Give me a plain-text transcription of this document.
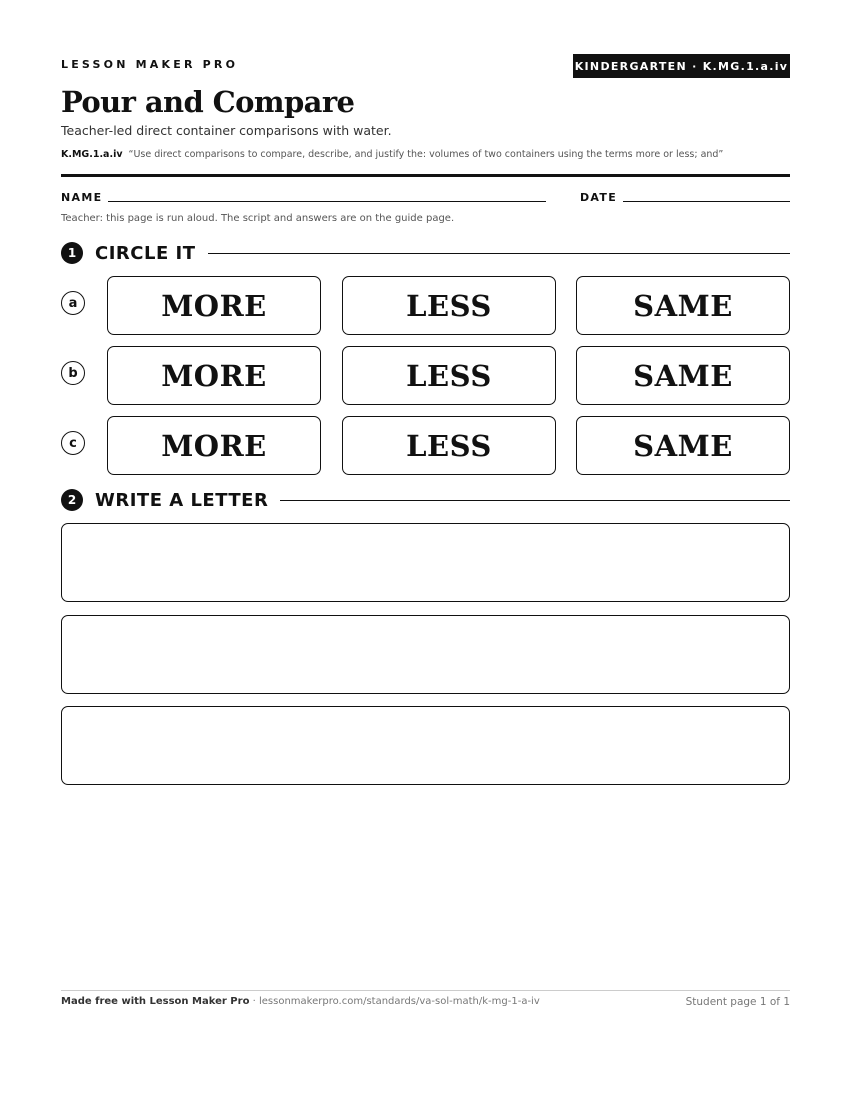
LESSON MAKER PRO	KINDERGARTEN · K.MG.1.a.iv
Pour and Compare
Teacher-led direct container comparisons with water.
K.MG.1.a.iv “Use direct comparisons to compare, describe, and justify the: volumes of two containers using the terms more or less; and”
NAME	DATE
Teacher: this page is run aloud. The script and answers are on the guide page.
1	CIRCLE IT
a	MORE	LESS	SAME
b	MORE	LESS	SAME
c	MORE	LESS	SAME
2	WRITE A LETTER
Made free with Lesson Maker Pro · lessonmakerpro.com/standards/va-sol-math/k-mg-1-a-iv	Student page 1 of 1
